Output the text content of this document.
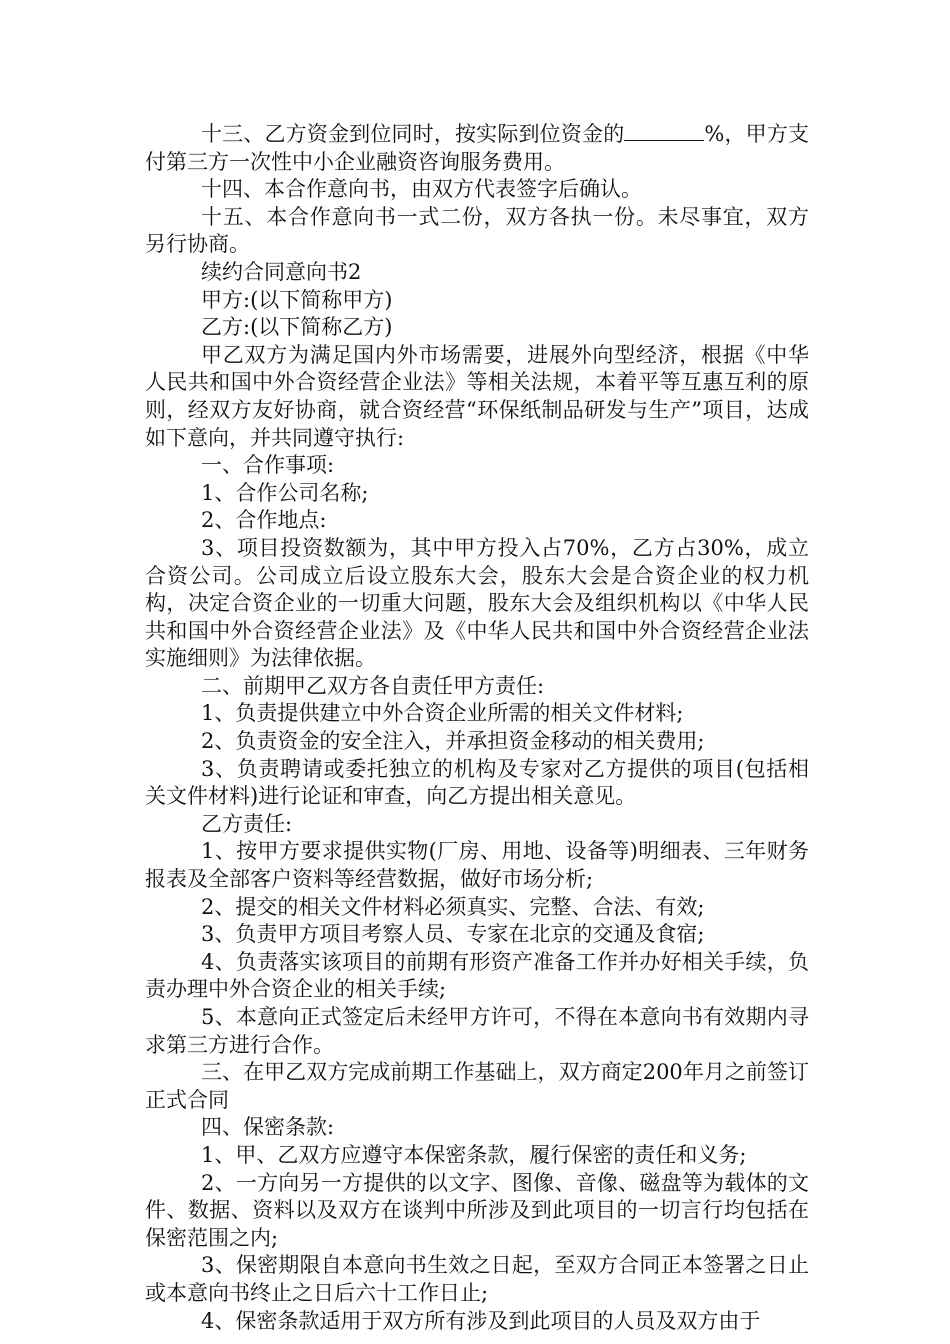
十三、乙方资金到位同时，按实际到位资金的	%，甲方支付第三方一次性中小企业融资咨询服务费用。

十四、本合作意向书，由双方代表签字后确认。

十五、本合作意向书一式二份，双方各执一份。未尽事宜，双方另行协商。

续约合同意向书2

甲方:(以下简称甲方)

乙方:(以下简称乙方)

甲乙双方为满足国内外市场需要，进展外向型经济，根据《中华人民共和国中外合资经营企业法》等相关法规，本着平等互惠互利的原则，经双方友好协商，就合资经营“环保纸制品研发与生产”项目，达成如下意向，并共同遵守执行:

一、合作事项:

1、合作公司名称;

2、合作地点:

3、项目投资数额为，其中甲方投入占70%，乙方占30%，成立合资公司。公司成立后设立股东大会，股东大会是合资企业的权力机构，决定合资企业的一切重大问题，股东大会及组织机构以《中华人民共和国中外合资经营企业法》及《中华人民共和国中外合资经营企业法实施细则》为法律依据。

二、前期甲乙双方各自责任甲方责任:

1、负责提供建立中外合资企业所需的相关文件材料;

2、负责资金的安全注入，并承担资金移动的相关费用;

3、负责聘请或委托独立的机构及专家对乙方提供的项目(包括相关文件材料)进行论证和审查，向乙方提出相关意见。

乙方责任:

1、按甲方要求提供实物(厂房、用地、设备等)明细表、三年财务报表及全部客户资料等经营数据，做好市场分析;

2、提交的相关文件材料必须真实、完整、合法、有效;

3、负责甲方项目考察人员、专家在北京的交通及食宿;

4、负责落实该项目的前期有形资产准备工作并办好相关手续，负责办理中外合资企业的相关手续;

5、本意向正式签定后未经甲方许可，不得在本意向书有效期内寻求第三方进行合作。

三、在甲乙双方完成前期工作基础上，双方商定200年月之前签订正式合同

四、保密条款:

1、甲、乙双方应遵守本保密条款，履行保密的责任和义务;

2、一方向另一方提供的以文字、图像、音像、磁盘等为载体的文件、数据、资料以及双方在谈判中所涉及到此项目的一切言行均包括在保密范围之内;

3、保密期限自本意向书生效之日起，至双方合同正本签署之日止或本意向书终止之日后六十工作日止;

4、保密条款适用于双方所有涉及到此项目的人员及双方由于
